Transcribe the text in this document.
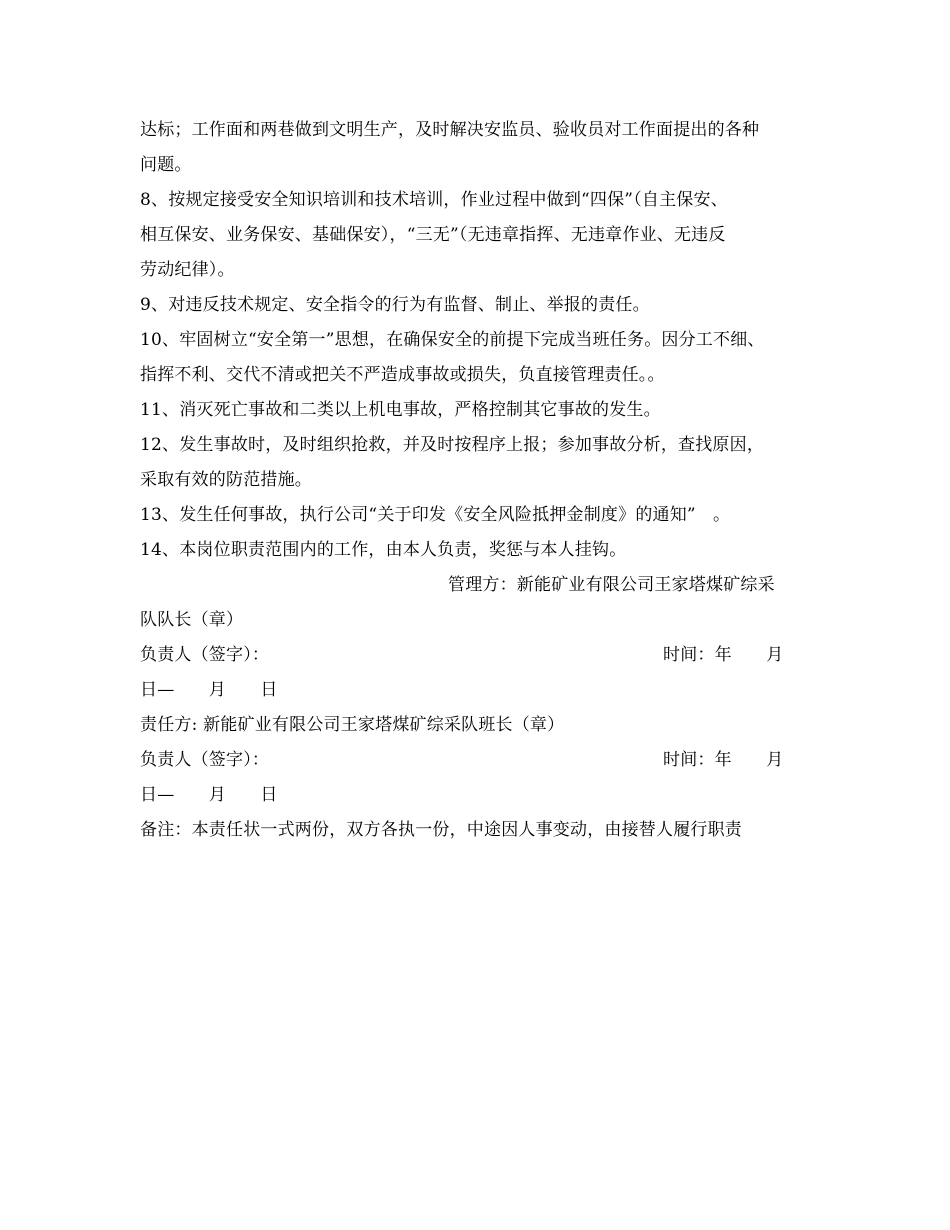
达标；工作面和两巷做到文明生产，及时解决安监员、验收员对工作面提出的各种
问题。
8、按规定接受安全知识培训和技术培训，作业过程中做到“四保”（自主保安、
相互保安、业务保安、基础保安），“三无”（无违章指挥、无违章作业、无违反
劳动纪律）。
9、对违反技术规定、安全指令的行为有监督、制止、举报的责任。
10、牢固树立“安全第一”思想，在确保安全的前提下完成当班任务。因分工不细、
指挥不利、交代不清或把关不严造成事故或损失，负直接管理责任。。
11、消灭死亡事故和二类以上机电事故，严格控制其它事故的发生。
12、发生事故时，及时组织抢救，并及时按程序上报；参加事故分析，查找原因，
采取有效的防范措施。
13、发生任何事故，执行公司“关于印发《安全风险抵押金制度》的通知”　。
14、本岗位职责范围内的工作，由本人负责，奖惩与本人挂钩。
管理方：新能矿业有限公司王家塔煤矿综采
队队长（章）
负责人（签字）：	时间：年　　月
日—　　月　　日
责任方: 新能矿业有限公司王家塔煤矿综采队班长（章）
负责人（签字）：	时间：年　　月
日—　　月　　日
备注：本责任状一式两份，双方各执一份，中途因人事变动，由接替人履行职责
